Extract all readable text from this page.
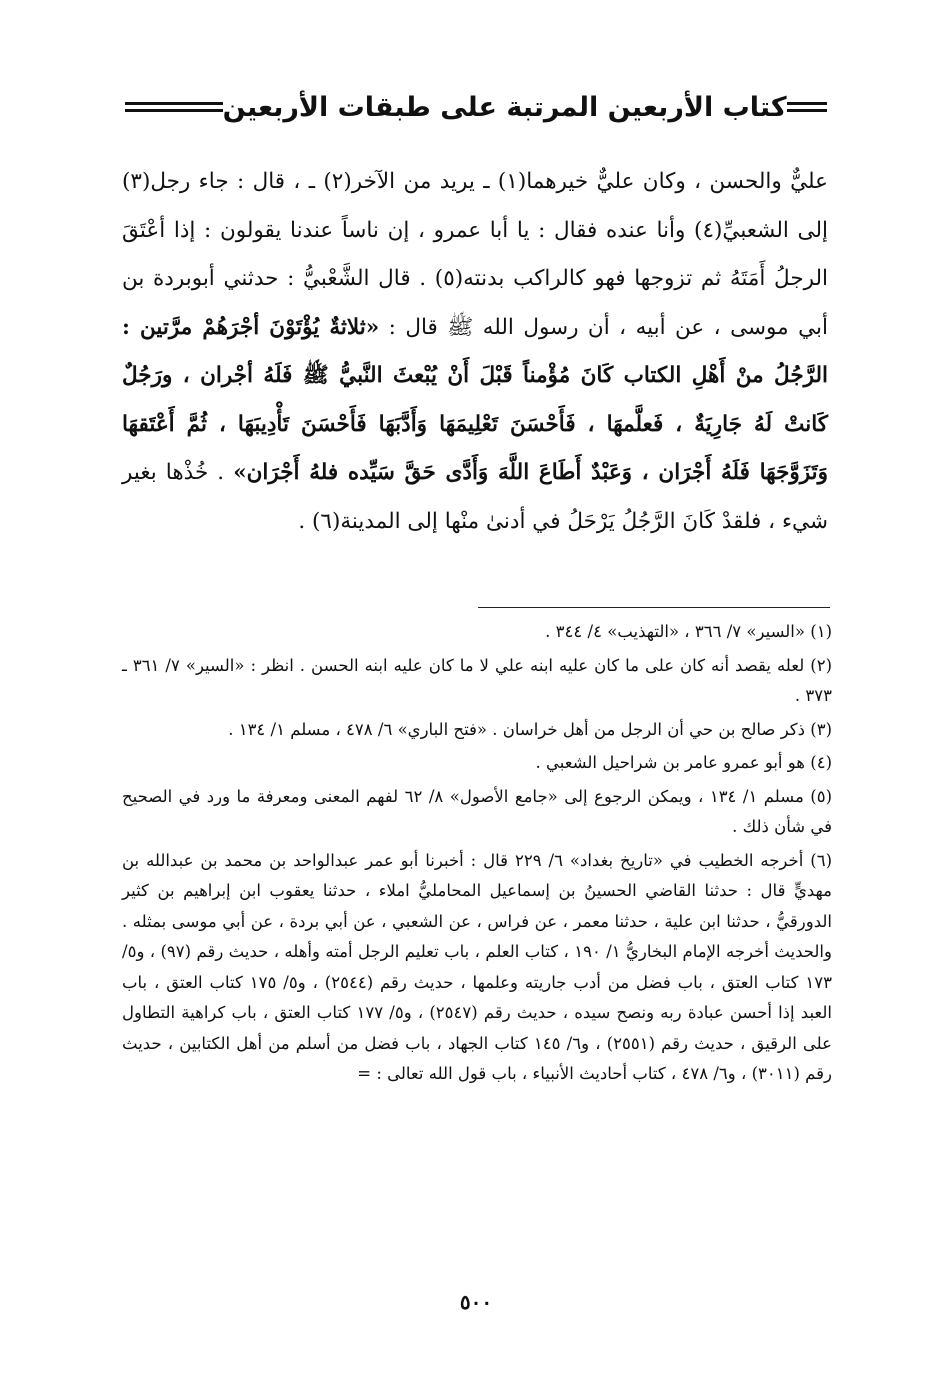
كتاب الأربعين المرتبة على طبقات الأربعين

عليٌّ والحسن ، وكان عليٌّ خيرهما(١) ـ يريد من الآخر(٢) ـ ، قال : جاء رجل(٣) إلى الشعبيِّ(٤) وأنا عنده فقال : يا أبا عمرو ، إن ناساً عندنا يقولون : إذا أعْتَقَ الرجلُ أَمَتَهُ ثم تزوجها فهو كالراكب بدنته(٥) . قال الشَّعْبيُّ : حدثني أبوبردة بن أبي موسى ، عن أبيه ، أن رسول الله ﷺ قال : «ثلاثةٌ يُؤْتَوْنَ أجْرَهُمْ مرَّتين : الرَّجُلُ منْ أَهْلِ الكتاب كَانَ مُؤْمناً قَبْلَ أَنْ يُبْعثَ النَّبيُّ ﷺ فَلَهُ أجْران ، ورَجُلٌ كَانتْ لَهُ جَارِيَةٌ ، فَعلَّمهَا ، فَأَحْسَنَ تَعْلِيمَهَا وَأَدَّبَهَا فَأَحْسَنَ تَأْدِيبَهَا ، ثُمَّ أَعْتَقهَا وَتَزَوَّجَهَا فَلَهُ أَجْرَان ، وَعَبْدٌ أَطَاعَ اللَّهَ وَأَدَّى حَقَّ سَيِّده فلهُ أَجْرَان» . خُذْها بغير شيء ، فلقدْ كَانَ الرَّجُلُ يَرْحَلُ في أدنىٰ منْها إلى المدينة(٦) .

(١) «السير» ٧/ ٣٦٦ ، «التهذيب» ٤/ ٣٤٤ .

(٢) لعله يقصد أنه كان على ما كان عليه ابنه علي لا ما كان عليه ابنه الحسن . انظر : «السير» ٧/ ٣٦١ ـ ٣٧٣ .

(٣) ذكر صالح بن حي أن الرجل من أهل خراسان . «فتح الباري» ٦/ ٤٧٨ ، مسلم ١/ ١٣٤ .

(٤) هو أبو عمرو عامر بن شراحيل الشعبي .

(٥) مسلم ١/ ١٣٤ ، ويمكن الرجوع إلى «جامع الأصول» ٨/ ٦٢ لفهم المعنى ومعرفة ما ورد في الصحيح في شأن ذلك .

(٦) أخرجه الخطيب في «تاريخ بغداد» ٦/ ٢٢٩ قال : أخبرنا أبو عمر عبدالواحد بن محمد بن عبدالله بن مهديٍّ قال : حدثنا القاضي الحسينُ بن إسماعيل المحامليُّ املاء ، حدثنا يعقوب ابن إبراهيم بن كثير الدورقيُّ ، حدثنا ابن علية ، حدثنا معمر ، عن فراس ، عن الشعبي ، عن أبي بردة ، عن أبي موسى بمثله . والحديث أخرجه الإمام البخاريُّ ١/ ١٩٠ ، كتاب العلم ، باب تعليم الرجل أمته وأهله ، حديث رقم (٩٧) ، و٥/ ١٧٣ كتاب العتق ، باب فضل من أدب جاريته وعلمها ، حديث رقم (٢٥٤٤) ، و٥/ ١٧٥ كتاب العتق ، باب العبد إذا أحسن عبادة ربه ونصح سيده ، حديث رقم (٢٥٤٧) ، و٥/ ١٧٧ كتاب العتق ، باب كراهية التطاول على الرقيق ، حديث رقم (٢٥٥١) ، و٦/ ١٤٥ كتاب الجهاد ، باب فضل من أسلم من أهل الكتابين ، حديث رقم (٣٠١١) ، و٦/ ٤٧٨ ، كتاب أحاديث الأنبياء ، باب قول الله تعالى : =

٥٠٠
